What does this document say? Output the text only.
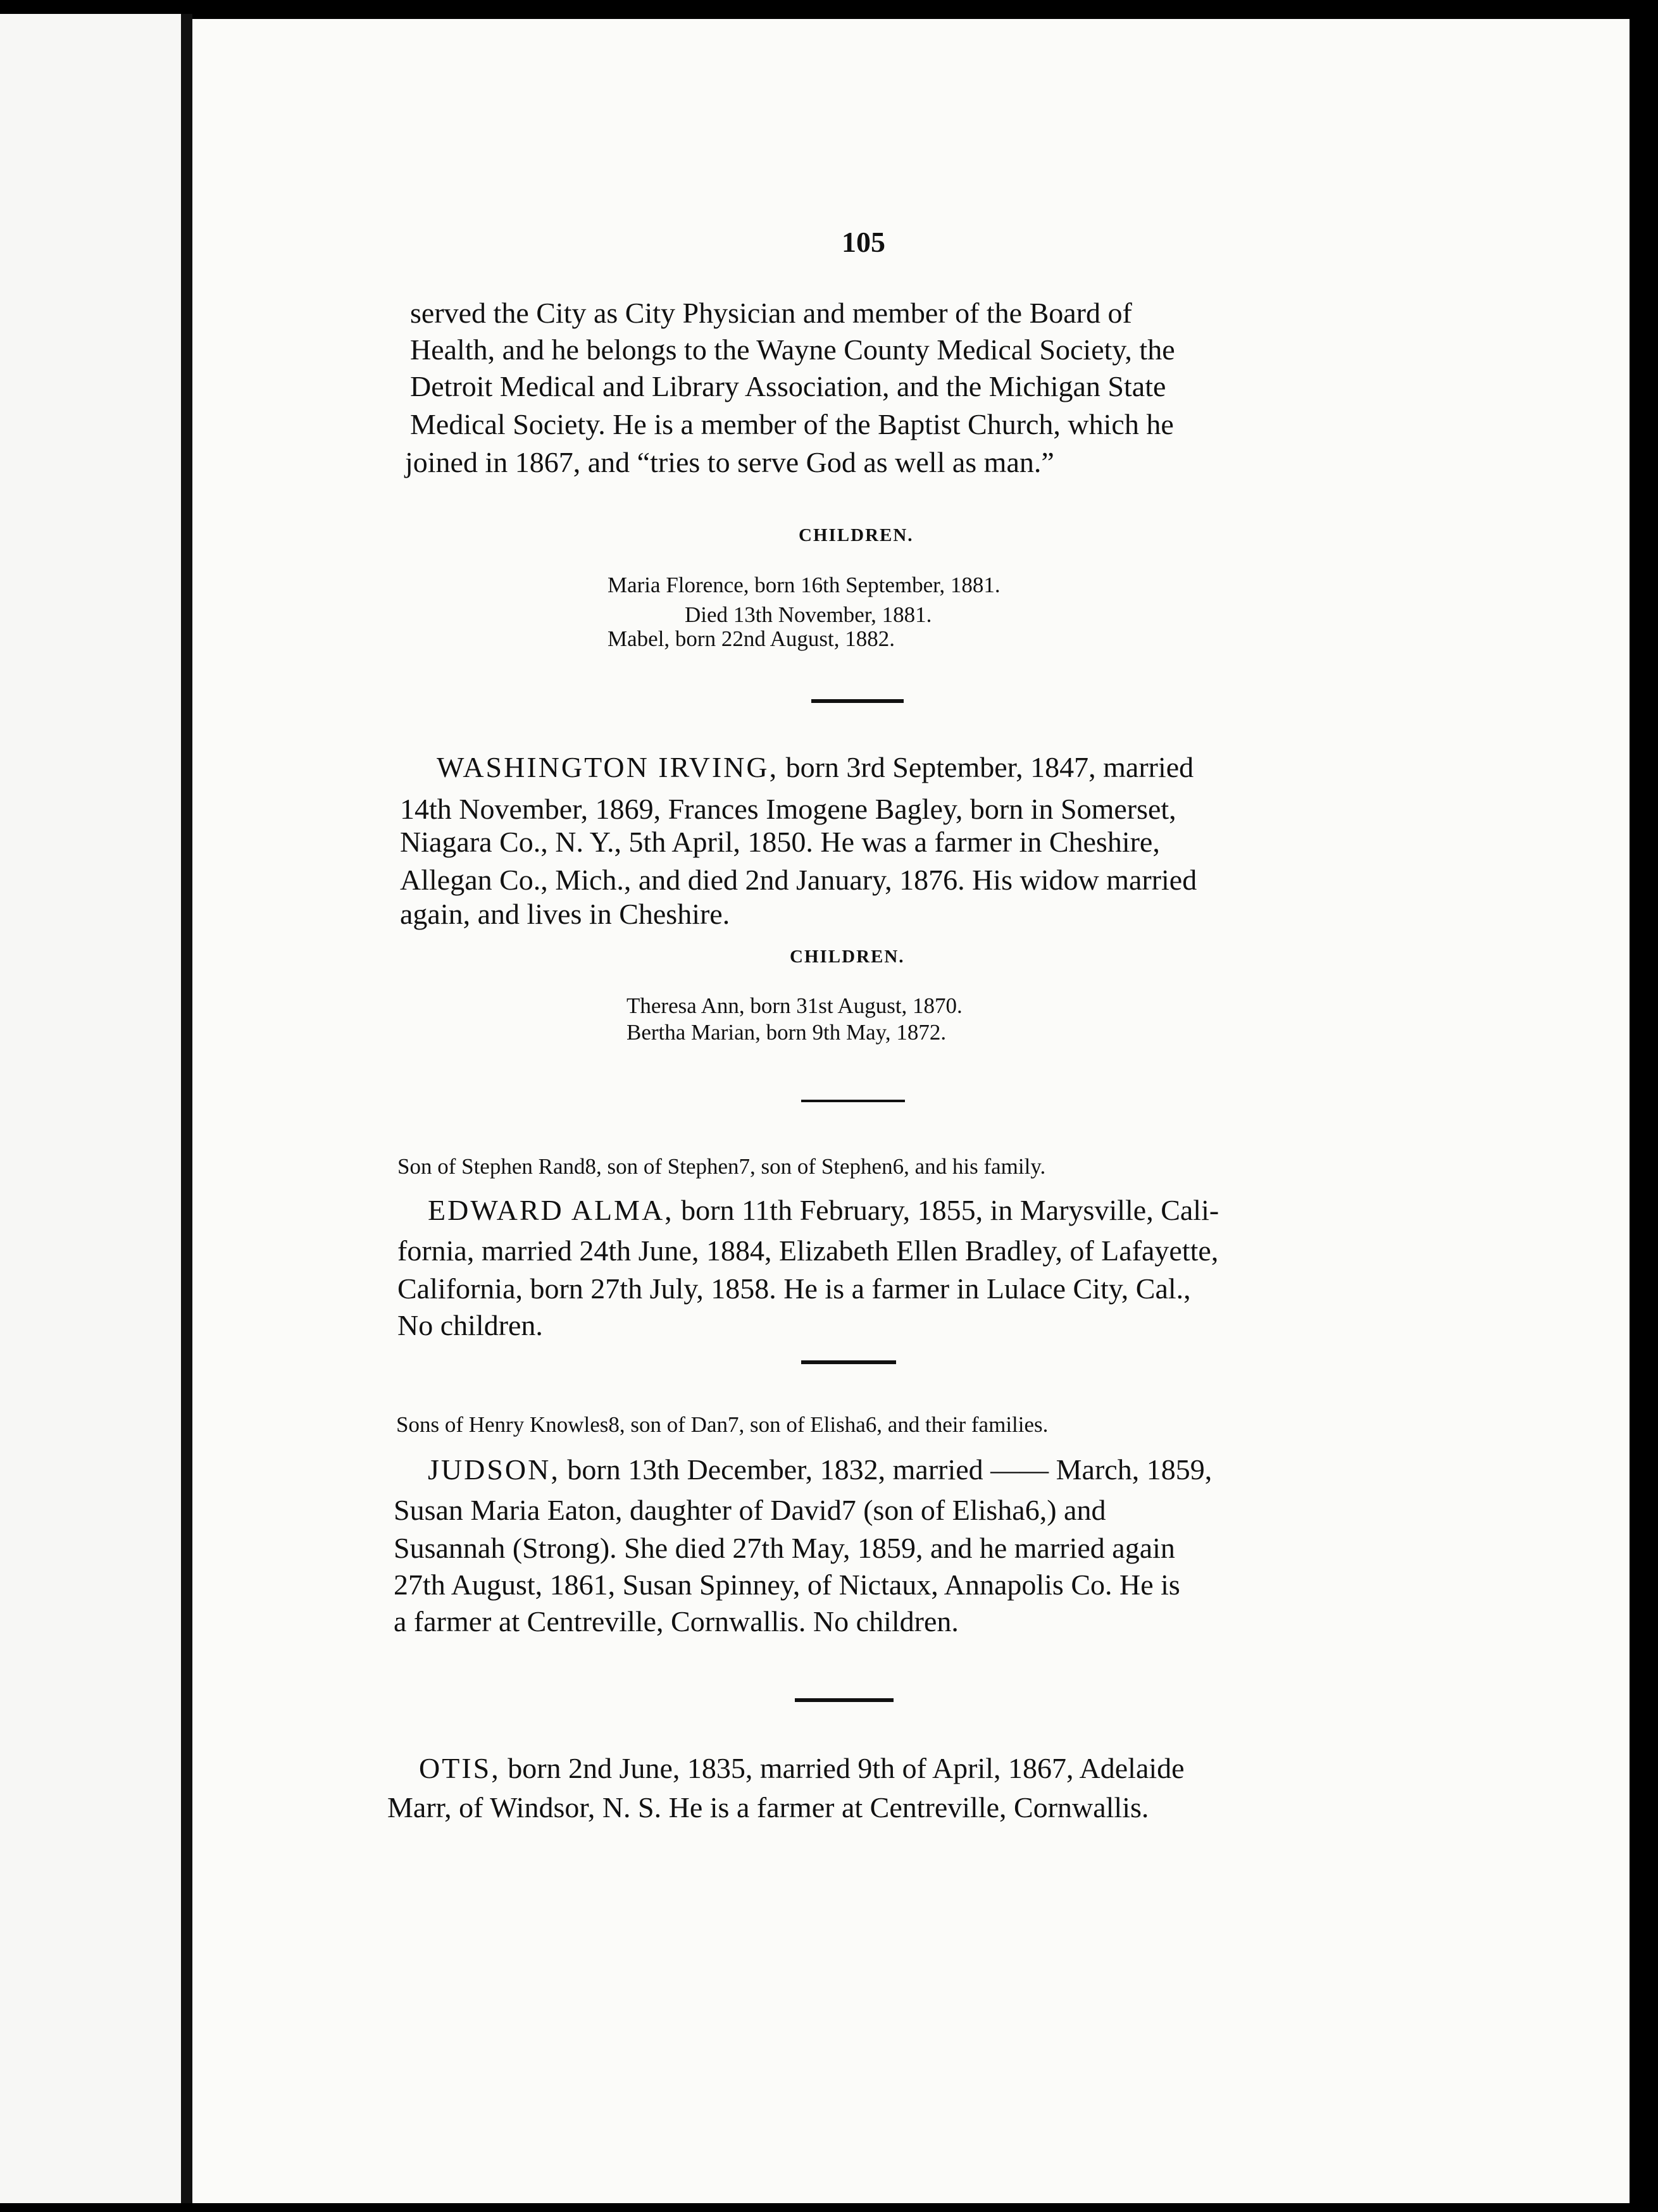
105
served the City as City Physician and member of the Board of
Health, and he belongs to the Wayne County Medical Society, the
Detroit Medical and Library Association, and the Michigan State
Medical Society. He is a member of the Baptist Church, which he
joined in 1867, and “tries to serve God as well as man.”
CHILDREN.
Maria Florence, born 16th September, 1881.
Died 13th November, 1881.
Mabel, born 22nd August, 1882.
WASHINGTON IRVING, born 3rd September, 1847, married
14th November, 1869, Frances Imogene Bagley, born in Somerset,
Niagara Co., N. Y., 5th April, 1850. He was a farmer in Cheshire,
Allegan Co., Mich., and died 2nd January, 1876. His widow married
again, and lives in Cheshire.
CHILDREN.
Theresa Ann, born 31st August, 1870.
Bertha Marian, born 9th May, 1872.
Son of Stephen Rand8, son of Stephen7, son of Stephen6, and his family.
EDWARD ALMA, born 11th February, 1855, in Marysville, Cali-
fornia, married 24th June, 1884, Elizabeth Ellen Bradley, of Lafayette,
California, born 27th July, 1858. He is a farmer in Lulace City, Cal.,
No children.
Sons of Henry Knowles8, son of Dan7, son of Elisha6, and their families.
JUDSON, born 13th December, 1832, married —— March, 1859,
Susan Maria Eaton, daughter of David7 (son of Elisha6,) and
Susannah (Strong). She died 27th May, 1859, and he married again
27th August, 1861, Susan Spinney, of Nictaux, Annapolis Co. He is
a farmer at Centreville, Cornwallis. No children.
OTIS, born 2nd June, 1835, married 9th of April, 1867, Adelaide
Marr, of Windsor, N. S. He is a farmer at Centreville, Cornwallis.
